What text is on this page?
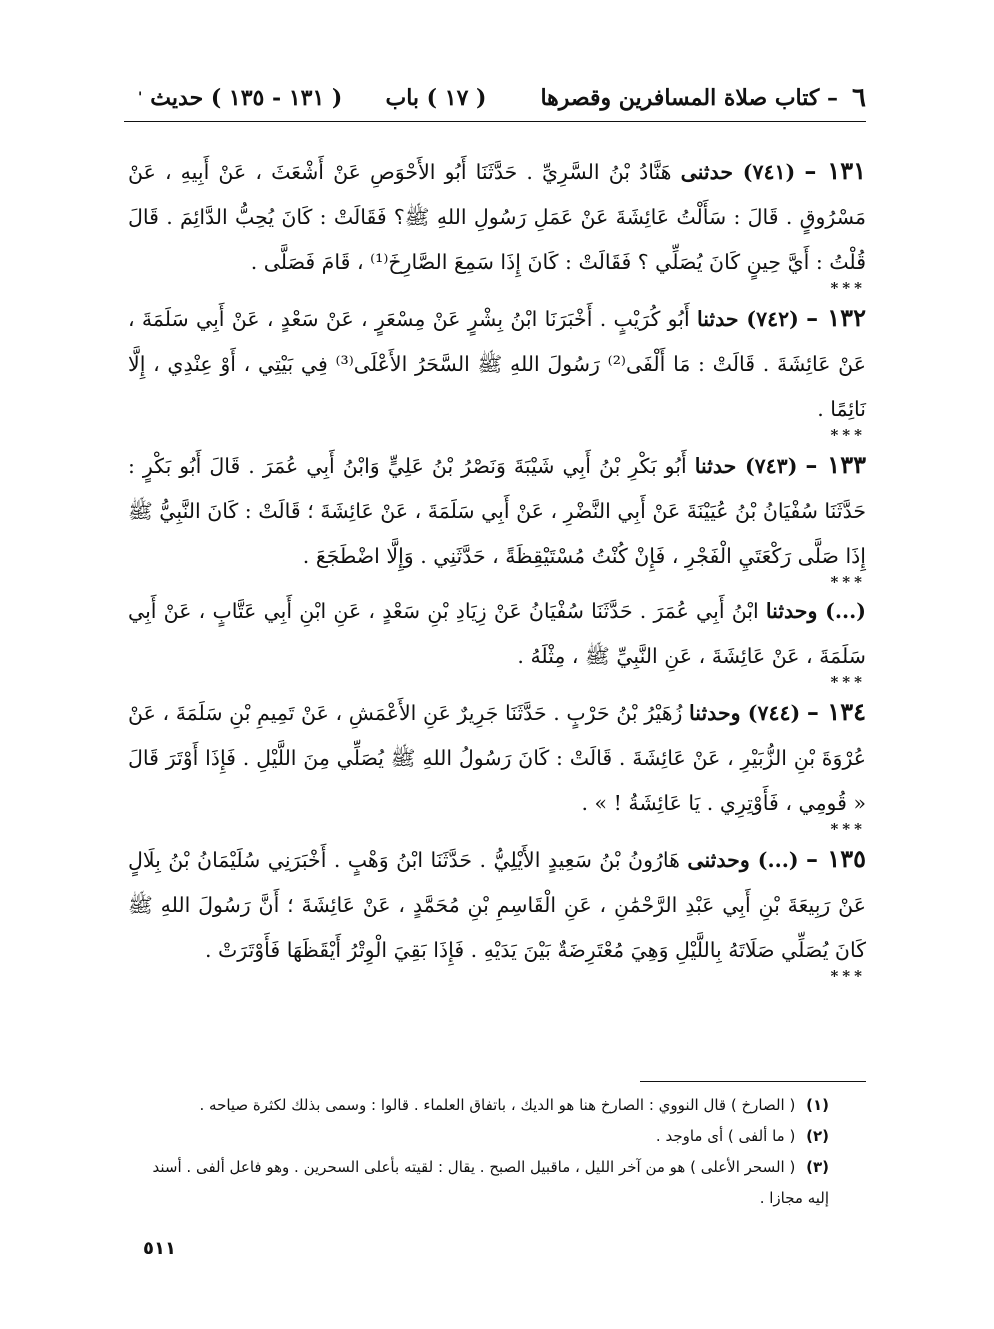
٦
– كتاب صلاة المسافرين وقصرها
( ١٧ ) باب
( ١٣١ - ١٣٥ ) حديث
'

١٣١ – (٧٤١) حدثنى هَنَّادُ بْنُ السَّرِيِّ . حَدَّثَنَا أَبُو الأَحْوَصِ عَنْ أَشْعَثَ ، عَنْ أَبِيهِ ، عَنْ مَسْرُوقٍ . قَالَ : سَأَلْتُ عَائِشَةَ عَنْ عَمَلِ رَسُولِ اللهِ ﷺ؟ فَقَالَتْ : كَانَ يُحِبُّ الدَّائِمَ . قَالَ قُلْتُ : أَيَّ حِينٍ كَانَ يُصَلِّي ؟ فَقَالَتْ : كَانَ إِذَا سَمِعَ الصَّارِخَ⁽¹⁾ ، قَامَ فَصَلَّى .

***

١٣٢ – (٧٤٢) حدثنا أَبُو كُرَيْبٍ . أَخْبَرَنَا ابْنُ بِشْرٍ عَنْ مِسْعَرٍ ، عَنْ سَعْدٍ ، عَنْ أَبِي سَلَمَةَ ، عَنْ عَائِشَةَ . قَالَتْ : مَا أَلْفَى⁽²⁾ رَسُولَ اللهِ ﷺ السَّحَرُ الأَعْلَى⁽³⁾ فِي بَيْتِي ، أَوْ عِنْدِي ، إِلَّا نَائِمًا .

***

١٣٣ – (٧٤٣) حدثنا أَبُو بَكْرِ بْنُ أَبِي شَيْبَةَ وَنَصْرُ بْنُ عَلِيٍّ وَابْنُ أَبِي عُمَرَ . قَالَ أَبُو بَكْرٍ : حَدَّثَنَا سُفْيَانُ بْنُ عُيَيْنَةَ عَنْ أَبِي النَّضْرِ ، عَنْ أَبِي سَلَمَةَ ، عَنْ عَائِشَةَ ؛ قَالَتْ : كَانَ النَّبِيُّ ﷺ إِذَا صَلَّى رَكْعَتَيِ الْفَجْرِ ، فَإِنْ كُنْتُ مُسْتَيْقِظَةً ، حَدَّثَنِي . وَإِلَّا اضْطَجَعَ .

***

(...) وحدثنا ابْنُ أَبِي عُمَرَ . حَدَّثَنَا سُفْيَانُ عَنْ زِيَادِ بْنِ سَعْدٍ ، عَنِ ابْنِ أَبِي عَتَّابٍ ، عَنْ أَبِي سَلَمَةَ ، عَنْ عَائِشَةَ ، عَنِ النَّبِيِّ ﷺ ، مِثْلَهُ .

***

١٣٤ – (٧٤٤) وحدثنا زُهَيْرُ بْنُ حَرْبٍ . حَدَّثَنَا جَرِيرٌ عَنِ الأَعْمَشِ ، عَنْ تَمِيمِ بْنِ سَلَمَةَ ، عَنْ عُرْوَةَ بْنِ الزُّبَيْرِ ، عَنْ عَائِشَةَ . قَالَتْ : كَانَ رَسُولُ اللهِ ﷺ يُصَلِّي مِنَ اللَّيْلِ . فَإِذَا أَوْتَرَ قَالَ « قُومِي ، فَأَوْتِرِي . يَا عَائِشَةُ ! » .

***

١٣٥ – (...) وحدثنى هَارُونُ بْنُ سَعِيدٍ الأَيْلِيُّ . حَدَّثَنَا ابْنُ وَهْبٍ . أَخْبَرَنِي سُلَيْمَانُ بْنُ بِلَالٍ عَنْ رَبِيعَةَ بْنِ أَبِي عَبْدِ الرَّحْمَٰنِ ، عَنِ الْقَاسِمِ بْنِ مُحَمَّدٍ ، عَنْ عَائِشَةَ ؛ أَنَّ رَسُولَ اللهِ ﷺ كَانَ يُصَلِّي صَلَاتَهُ بِاللَّيْلِ وَهِيَ مُعْتَرِضَةٌ بَيْنَ يَدَيْهِ . فَإِذَا بَقِيَ الْوِتْرُ أَيْقَظَهَا فَأَوْتَرَتْ .

***

(١) ( الصارخ ) قال النووي : الصارخ هنا هو الديك ، باتفاق العلماء . قالوا : وسمى بذلك لكثرة صياحه .

(٢) ( ما ألفى ) أى ماوجد .

(٣) ( السحر الأعلى ) هو من آخر الليل ، ماقبيل الصبح . يقال : لقيته بأعلى السحرين . وهو فاعل ألفى . أسند إليه مجازا .

٥١١
